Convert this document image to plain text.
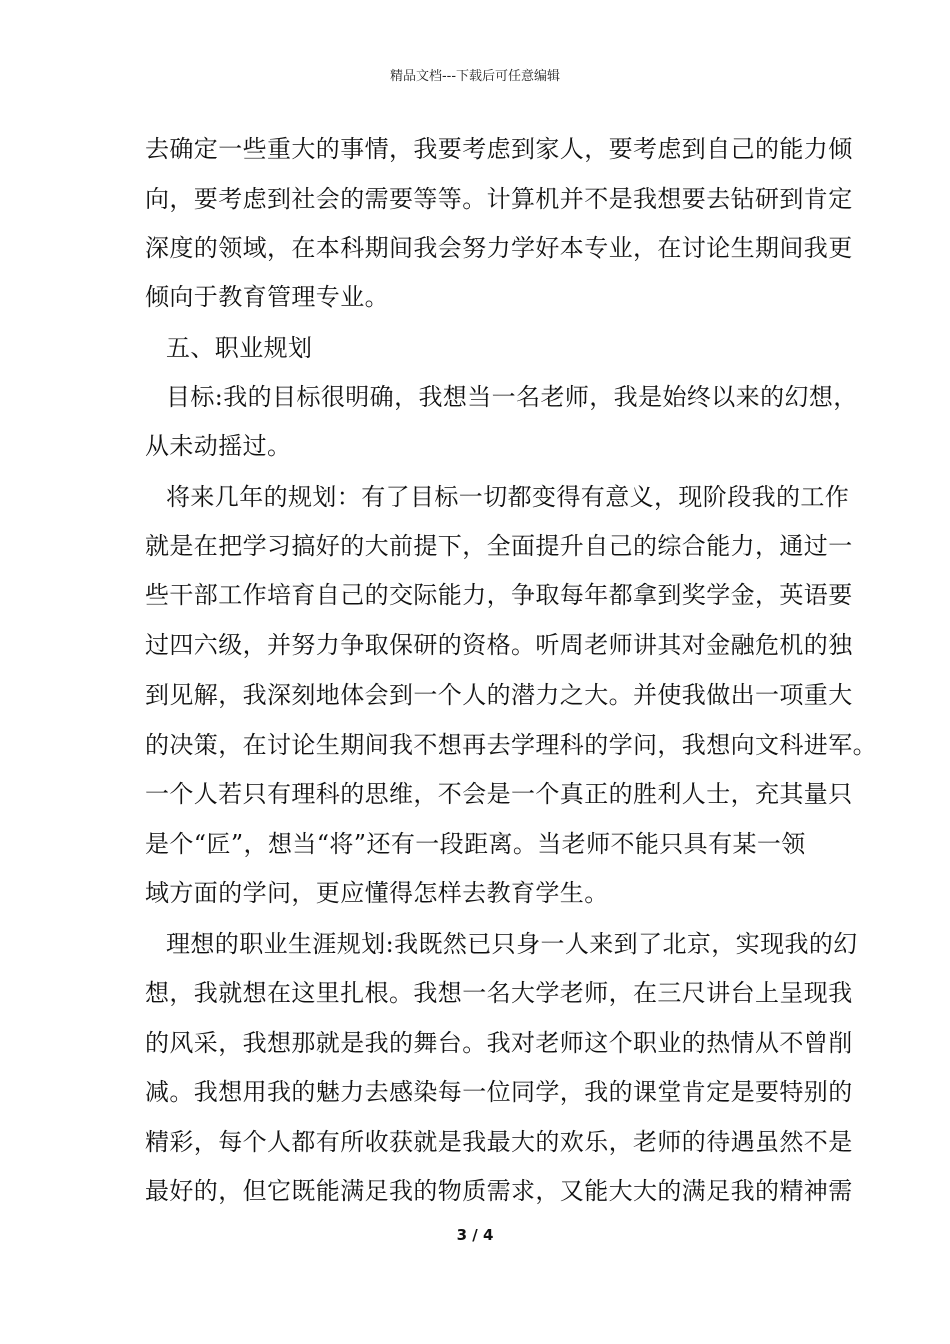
精品文档---下载后可任意编辑
去确定一些重大的事情，我要考虑到家人，要考虑到自己的能力倾
向，要考虑到社会的需要等等。计算机并不是我想要去钻研到肯定
深度的领域，在本科期间我会努力学好本专业，在讨论生期间我更
倾向于教育管理专业。
五、职业规划
目标:我的目标很明确，我想当一名老师，我是始终以来的幻想，
从未动摇过。
将来几年的规划：有了目标一切都变得有意义，现阶段我的工作
就是在把学习搞好的大前提下，全面提升自己的综合能力，通过一
些干部工作培育自己的交际能力，争取每年都拿到奖学金，英语要
过四六级，并努力争取保研的资格。听周老师讲其对金融危机的独
到见解，我深刻地体会到一个人的潜力之大。并使我做出一项重大
的决策，在讨论生期间我不想再去学理科的学问，我想向文科进军。
一个人若只有理科的思维，不会是一个真正的胜利人士，充其量只
是个“匠”，想当“将”还有一段距离。当老师不能只具有某一领
域方面的学问，更应懂得怎样去教育学生。
理想的职业生涯规划:我既然已只身一人来到了北京，实现我的幻
想，我就想在这里扎根。我想一名大学老师，在三尺讲台上呈现我
的风采，我想那就是我的舞台。我对老师这个职业的热情从不曾削
减。我想用我的魅力去感染每一位同学，我的课堂肯定是要特别的
精彩，每个人都有所收获就是我最大的欢乐，老师的待遇虽然不是
最好的，但它既能满足我的物质需求，又能大大的满足我的精神需
3 / 4
